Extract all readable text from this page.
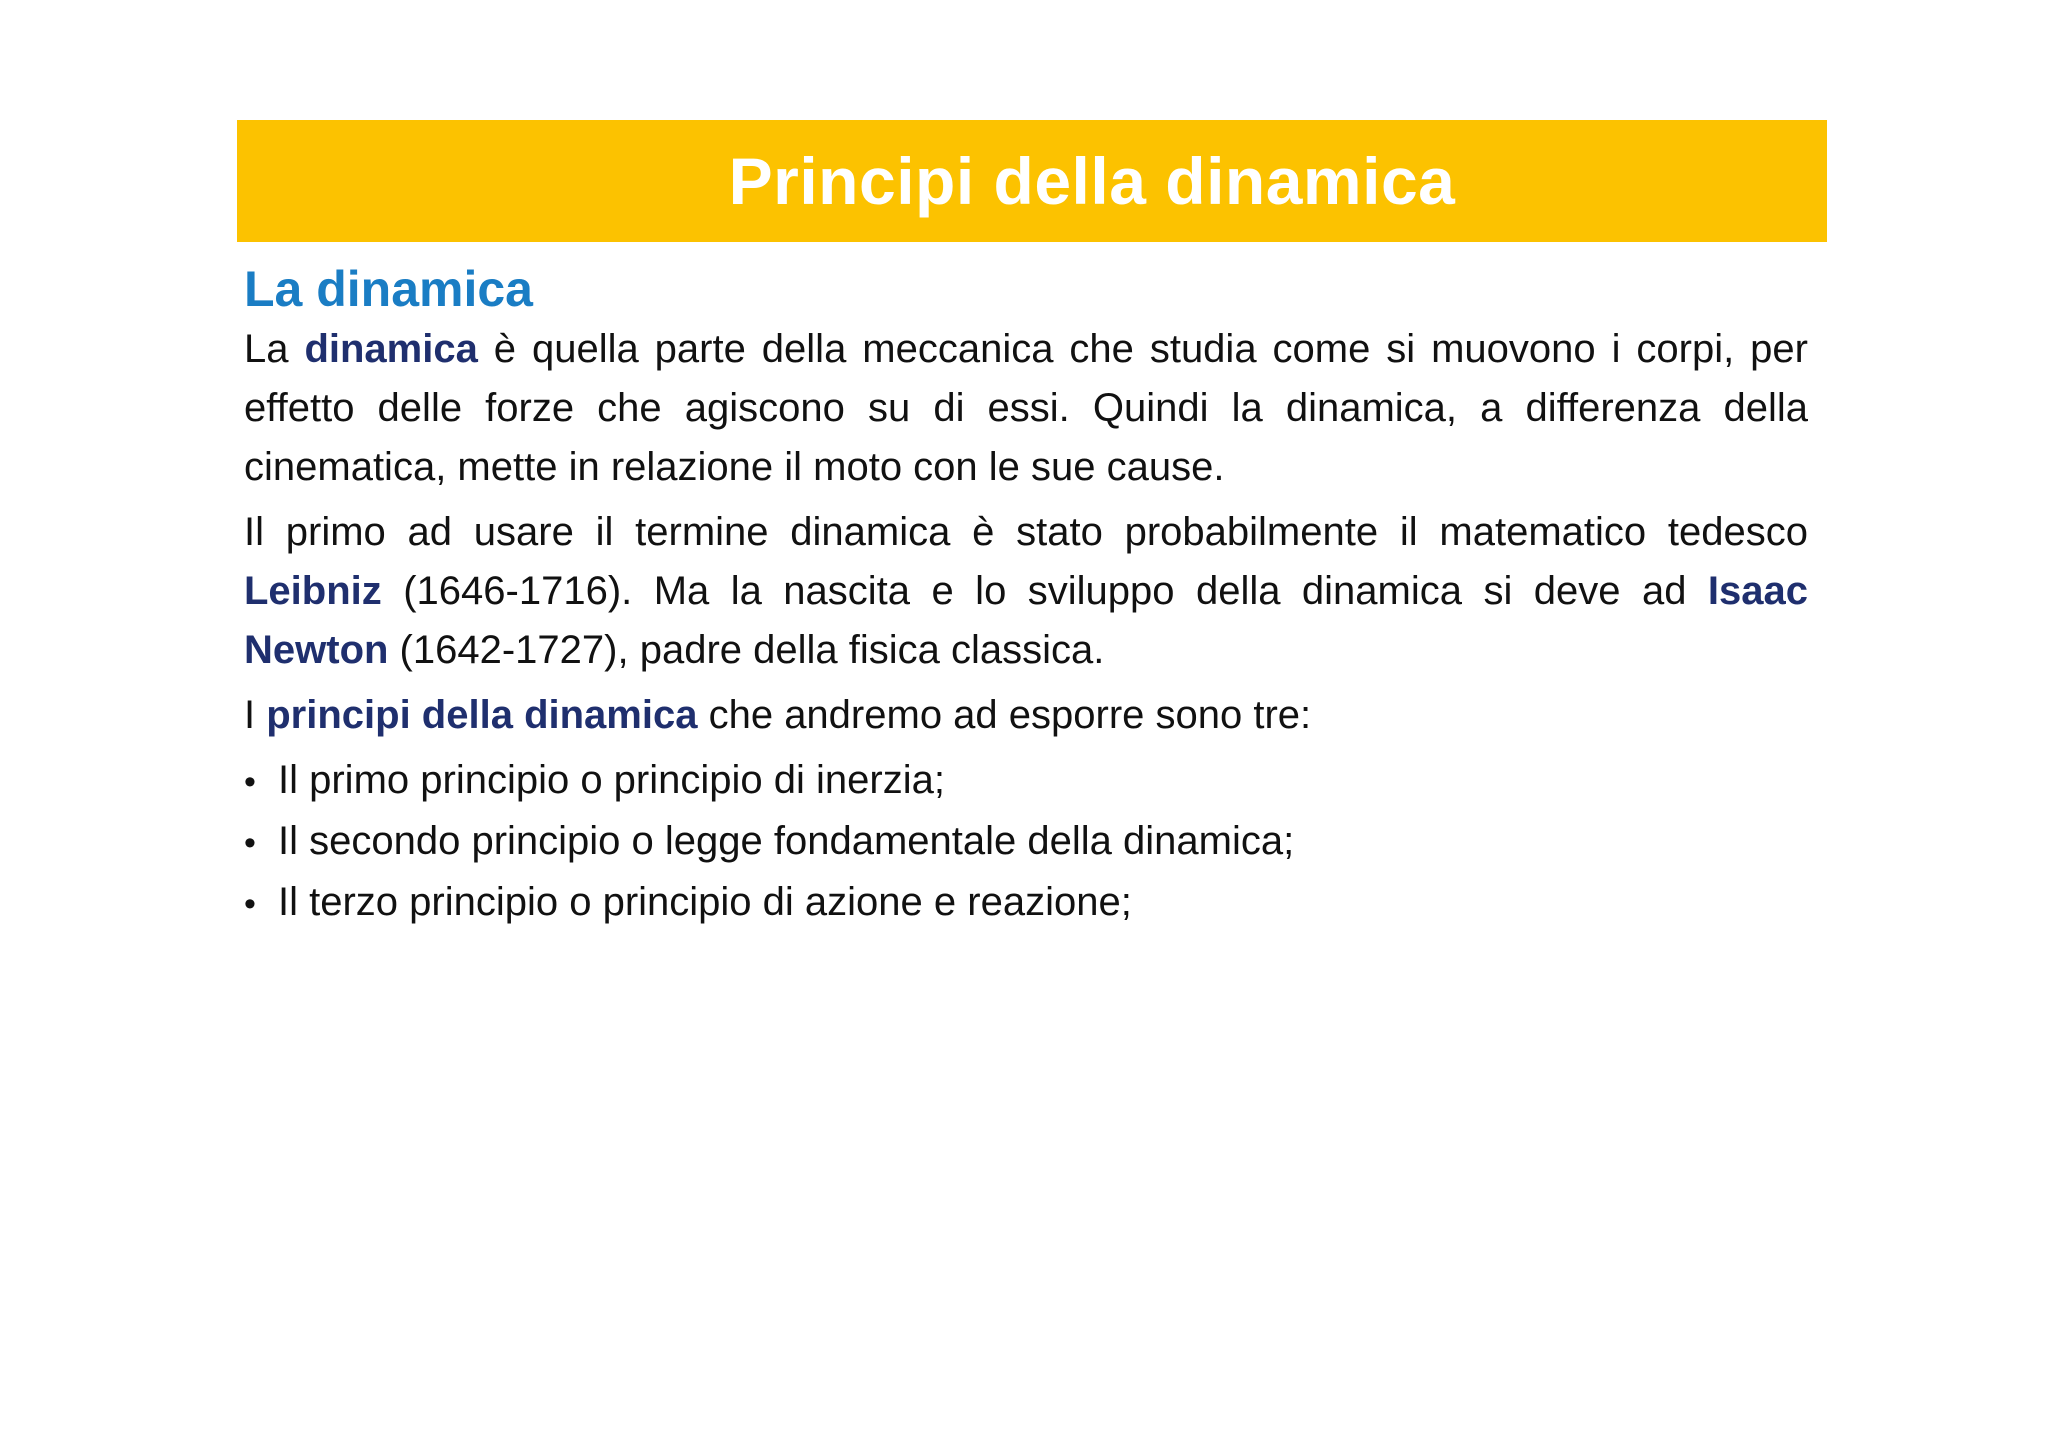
Principi della dinamica
La dinamica

La dinamica è quella parte della meccanica che studia come si muovono i corpi, per effetto delle forze che agiscono su di essi. Quindi la dinamica, a differenza della cinematica, mette in relazione il moto con le sue cause.

Il primo ad usare il termine dinamica è stato probabilmente il matematico tedesco Leibniz (1646-1716). Ma la nascita e lo sviluppo della dinamica si deve ad Isaac Newton (1642-1727), padre della fisica classica.

I principi della dinamica che andremo ad esporre sono tre:

• Il primo principio o principio di inerzia;
• Il secondo principio o legge fondamentale della dinamica;
• Il terzo principio o principio di azione e reazione;
